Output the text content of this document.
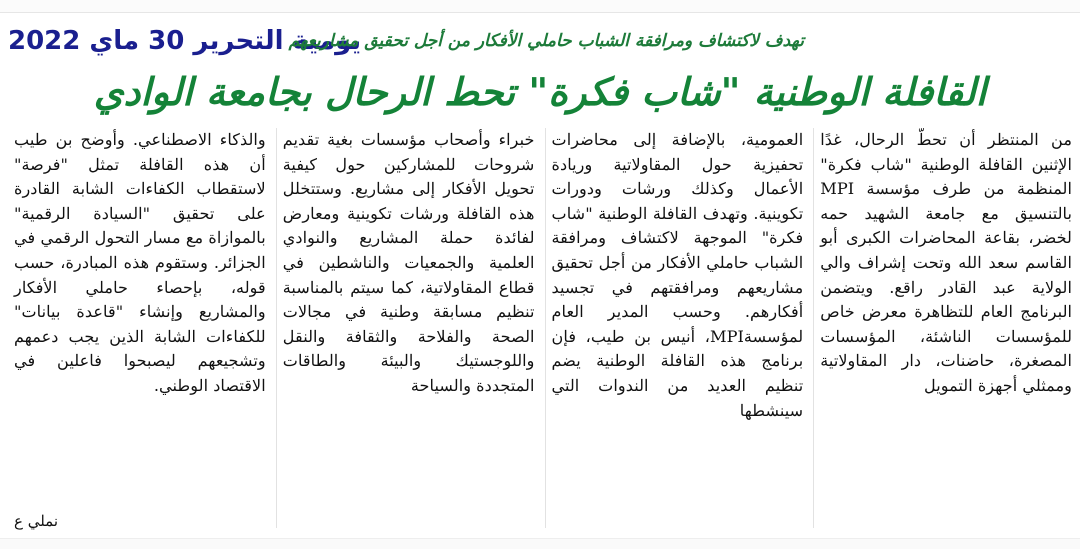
يومية التحرير 30 ماي 2022
تهدف لاكتشاف ومرافقة الشباب حاملي الأفكار من أجل تحقيق مشاريعهم
القافلة الوطنية "شاب فكرة" تحط الرحال بجامعة الوادي
من المنتظر أن تحطّ الرحال، غدًا الإثنين القافلة الوطنية "شاب فكرة" المنظمة من طرف مؤسسة MPI بالتنسيق مع جامعة الشهيد حمه لخضر، بقاعة المحاضرات الكبرى أبو القاسم سعد الله وتحت إشراف والي الولاية عبد القادر راقع. ويتضمن البرنامج العام للتظاهرة معرض خاص للمؤسسات الناشئة، المؤسسات المصغرة، حاضنات، دار المقاولاتية وممثلي أجهزة التمويل
العمومية، بالإضافة إلى محاضرات تحفيزية حول المقاولاتية وريادة الأعمال وكذلك ورشات ودورات تكوينية. وتهدف القافلة الوطنية "شاب فكرة" الموجهة لاكتشاف ومرافقة الشباب حاملي الأفكار من أجل تحقيق مشاريعهم ومرافقتهم في تجسيد أفكارهم. وحسب المدير العام لمؤسسةMPI، أنيس بن طيب، فإن برنامج هذه القافلة الوطنية يضم تنظيم العديد من الندوات التي سينشطها
خبراء وأصحاب مؤسسات بغية تقديم شروحات للمشاركين حول كيفية تحويل الأفكار إلى مشاريع. وستتخلل هذه القافلة ورشات تكوينية ومعارض لفائدة حملة المشاريع والنوادي العلمية والجمعيات والناشطين في قطاع المقاولاتية، كما سيتم بالمناسبة تنظيم مسابقة وطنية في مجالات الصحة والفلاحة والثقافة والنقل واللوجستيك والبيئة والطاقات المتجددة والسياحة
والذكاء الاصطناعي. وأوضح بن طيب أن هذه القافلة تمثل "فرصة" لاستقطاب الكفاءات الشابة القادرة على تحقيق "السيادة الرقمية" بالموازاة مع مسار التحول الرقمي في الجزائر. وستقوم هذه المبادرة، حسب قوله، بإحصاء حاملي الأفكار والمشاريع وإنشاء "قاعدة بيانات" للكفاءات الشابة الذين يجب دعمهم وتشجيعهم ليصبحوا فاعلين في الاقتصاد الوطني.
نملي ع
